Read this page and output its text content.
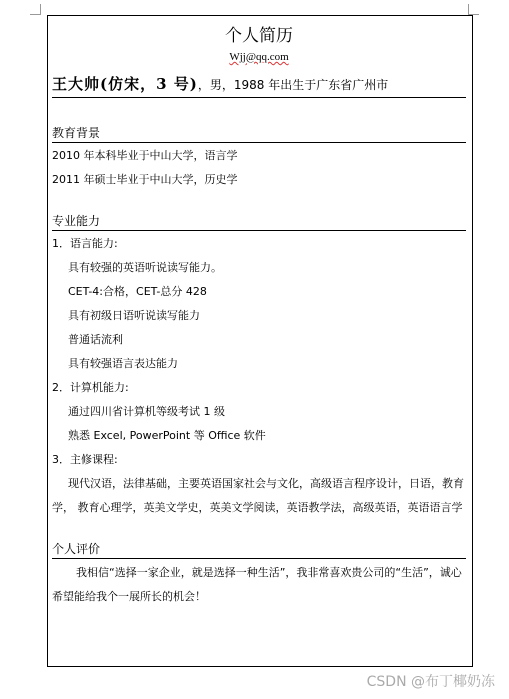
个人简历
Wjj@qq.com
王大帅(仿宋，3 号)，男，1988 年出生于广东省广州市
教育背景
2010 年本科毕业于中山大学，语言学
2011 年硕士毕业于中山大学，历史学
专业能力
1．语言能力:
具有较强的英语听说读写能力。
CET-4:合格，CET-总分 428
具有初级日语听说读写能力
普通话流利
具有较强语言表达能力
2．计算机能力:
通过四川省计算机等级考试 1 级
熟悉 Excel, PowerPoint 等 Office 软件
3．主修课程:
现代汉语，法律基础，主要英语国家社会与文化，高级语言程序设计，日语，教育学， 教育心理学，英美文学史，英美文学阅读，英语教学法，高级英语，英语语言学
个人评价
我相信“选择一家企业，就是选择一种生活”，我非常喜欢贵公司的“生活”，诚心希望能给我个一展所长的机会！
CSDN @布丁椰奶冻
